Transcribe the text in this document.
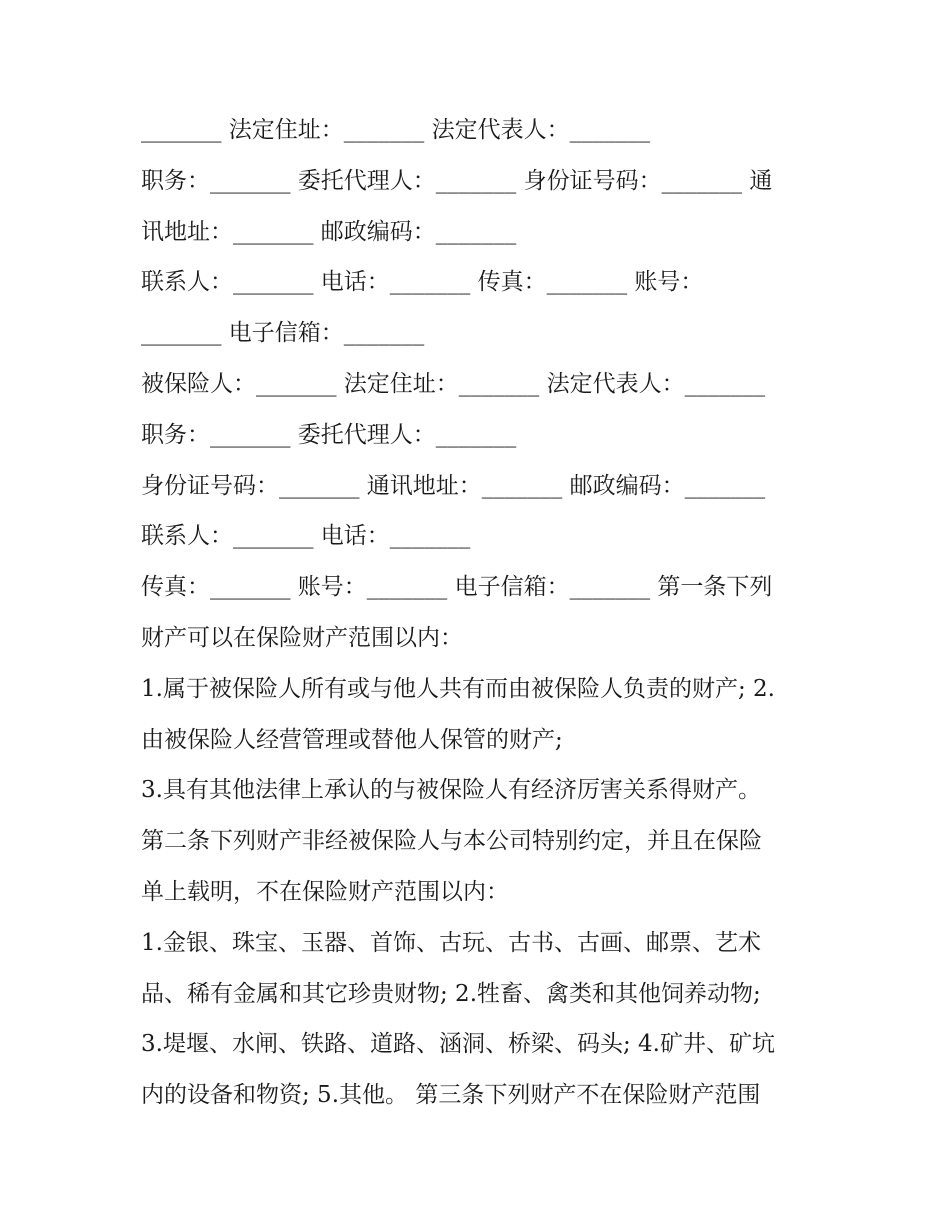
_______ 法定住址：_______ 法定代表人：_______
职务：_______ 委托代理人：_______ 身份证号码：_______ 通
讯地址：_______ 邮政编码：_______
联系人：_______ 电话：_______ 传真：_______ 账号：
_______ 电子信箱：_______
被保险人：_______ 法定住址：_______ 法定代表人：_______
职务：_______ 委托代理人：_______
身份证号码：_______ 通讯地址：_______ 邮政编码：_______
联系人：_______ 电话：_______
传真：_______ 账号：_______ 电子信箱：_______ 第一条下列
财产可以在保险财产范围以内：
1.属于被保险人所有或与他人共有而由被保险人负责的财产; 2.
由被保险人经营管理或替他人保管的财产;
3.具有其他法律上承认的与被保险人有经济厉害关系得财产。
第二条下列财产非经被保险人与本公司特别约定，并且在保险
单上载明，不在保险财产范围以内：
1.金银、珠宝、玉器、首饰、古玩、古书、古画、邮票、艺术
品、稀有金属和其它珍贵财物; 2.牲畜、禽类和其他饲养动物;
3.堤堰、水闸、铁路、道路、涵洞、桥梁、码头; 4.矿井、矿坑
内的设备和物资; 5.其他。 第三条下列财产不在保险财产范围
